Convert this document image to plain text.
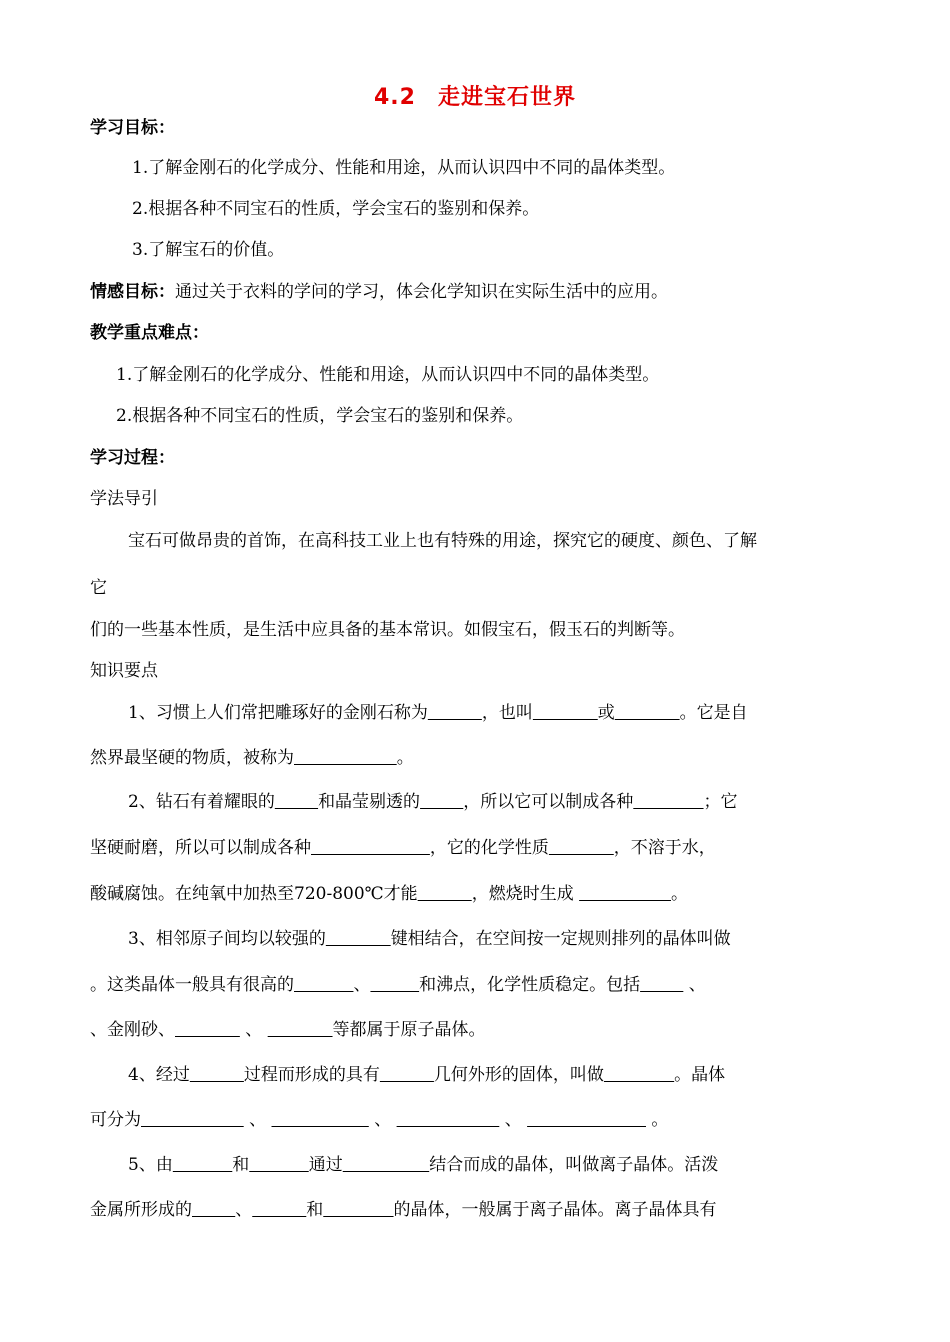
4.2 走进宝石世界
学习目标：
1.了解金刚石的化学成分、性能和用途，从而认识四中不同的晶体类型。
2.根据各种不同宝石的性质，学会宝石的鉴别和保养。
3.了解宝石的价值。
情感目标：通过关于衣料的学问的学习，体会化学知识在实际生活中的应用。
教学重点难点：
1.了解金刚石的化学成分、性能和用途，从而认识四中不同的晶体类型。
2.根据各种不同宝石的性质，学会宝石的鉴别和保养。
学习过程：
学法导引
宝石可做昂贵的首饰，在高科技工业上也有特殊的用途，探究它的硬度、颜色、了解
它
们的一些基本性质，是生活中应具备的基本常识。如假宝石，假玉石的判断等。
知识要点
1、习惯上人们常把雕琢好的金刚石称为	，也叫	或	。它是自
然界最坚硬的物质，被称为	。
2、钻石有着耀眼的	和晶莹剔透的	，所以它可以制成各种	；它
坚硬耐磨，所以可以制成各种	，它的化学性质	，不溶于水，
酸碱腐蚀。在纯氧中加热至720-800℃才能	，燃烧时生成	。
3、相邻原子间均以较强的	键相结合，在空间按一定规则排列的晶体叫做
。这类晶体一般具有很高的	、	和沸点，化学性质稳定。包括	、
、金刚砂、	、	等都属于原子晶体。
4、经过	过程而形成的具有	几何外形的固体，叫做	。晶体
可分为	、	、	、	。
5、由	和	通过	结合而成的晶体，叫做离子晶体。活泼
金属所形成的	、	和	的晶体，一般属于离子晶体。离子晶体具有
